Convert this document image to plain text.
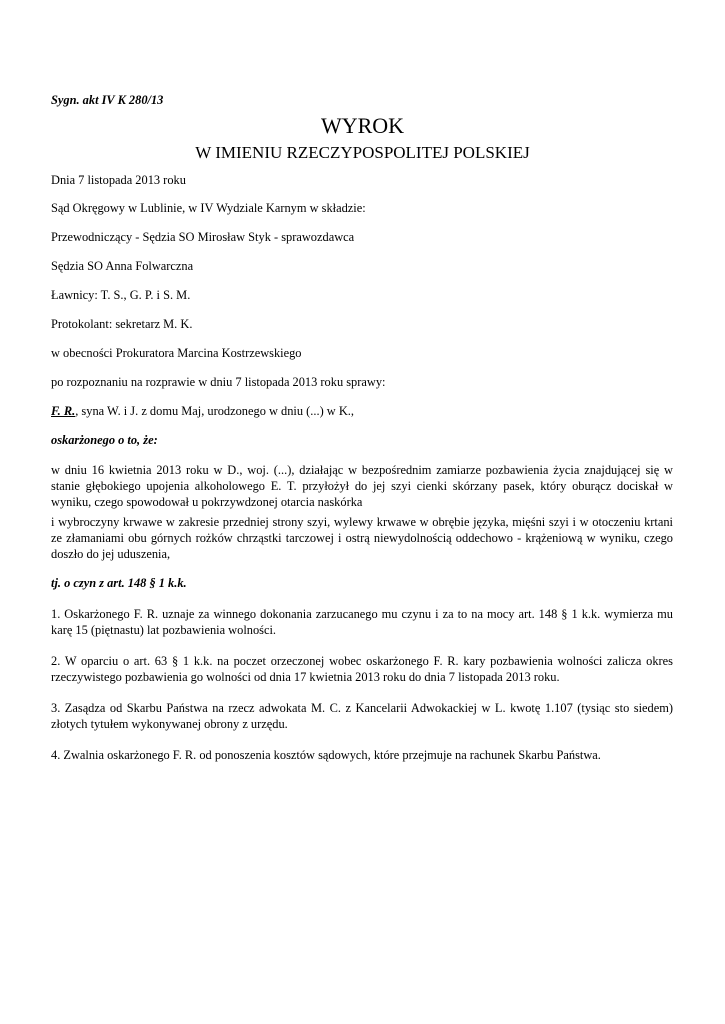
Sygn. akt IV K 280/13

WYROK
W IMIENIU RZECZYPOSPOLITEJ POLSKIEJ

Dnia 7 listopada 2013 roku

Sąd Okręgowy w Lublinie, w IV Wydziale Karnym w składzie:

Przewodniczący - Sędzia SO Mirosław Styk - sprawozdawca

Sędzia SO Anna Folwarczna

Ławnicy: T. S., G. P. i S. M.

Protokolant: sekretarz M. K.

w obecności Prokuratora Marcina Kostrzewskiego

po rozpoznaniu na rozprawie w dniu 7 listopada 2013 roku sprawy:

F. R., syna W. i J. z domu Maj, urodzonego w dniu (...) w K.,

oskarżonego o to, że:

w dniu 16 kwietnia 2013 roku w D., woj. (...), działając w bezpośrednim zamiarze pozbawienia życia znajdującej się w stanie głębokiego upojenia alkoholowego E. T. przyłożył do jej szyi cienki skórzany pasek, który oburącz dociskał w wyniku, czego spowodował u pokrzywdzonej otarcia naskórka

i wybroczyny krwawe w zakresie przedniej strony szyi, wylewy krwawe w obrębie języka, mięśni szyi i w otoczeniu krtani ze złamaniami obu górnych rożków chrząstki tarczowej i ostrą niewydolnością oddechowo - krążeniową w wyniku, czego doszło do jej uduszenia,

tj. o czyn z art. 148 § 1 k.k.

1. Oskarżonego F. R. uznaje za winnego dokonania zarzucanego mu czynu i za to na mocy art. 148 § 1 k.k. wymierza mu karę 15 (piętnastu) lat pozbawienia wolności.

2. W oparciu o art. 63 § 1 k.k. na poczet orzeczonej wobec oskarżonego F. R. kary pozbawienia wolności zalicza okres rzeczywistego pozbawienia go wolności od dnia 17 kwietnia 2013 roku do dnia 7 listopada 2013 roku.

3. Zasądza od Skarbu Państwa na rzecz adwokata M. C. z Kancelarii Adwokackiej w L. kwotę 1.107 (tysiąc sto siedem) złotych tytułem wykonywanej obrony z urzędu.

4. Zwalnia oskarżonego F. R. od ponoszenia kosztów sądowych, które przejmuje na rachunek Skarbu Państwa.
